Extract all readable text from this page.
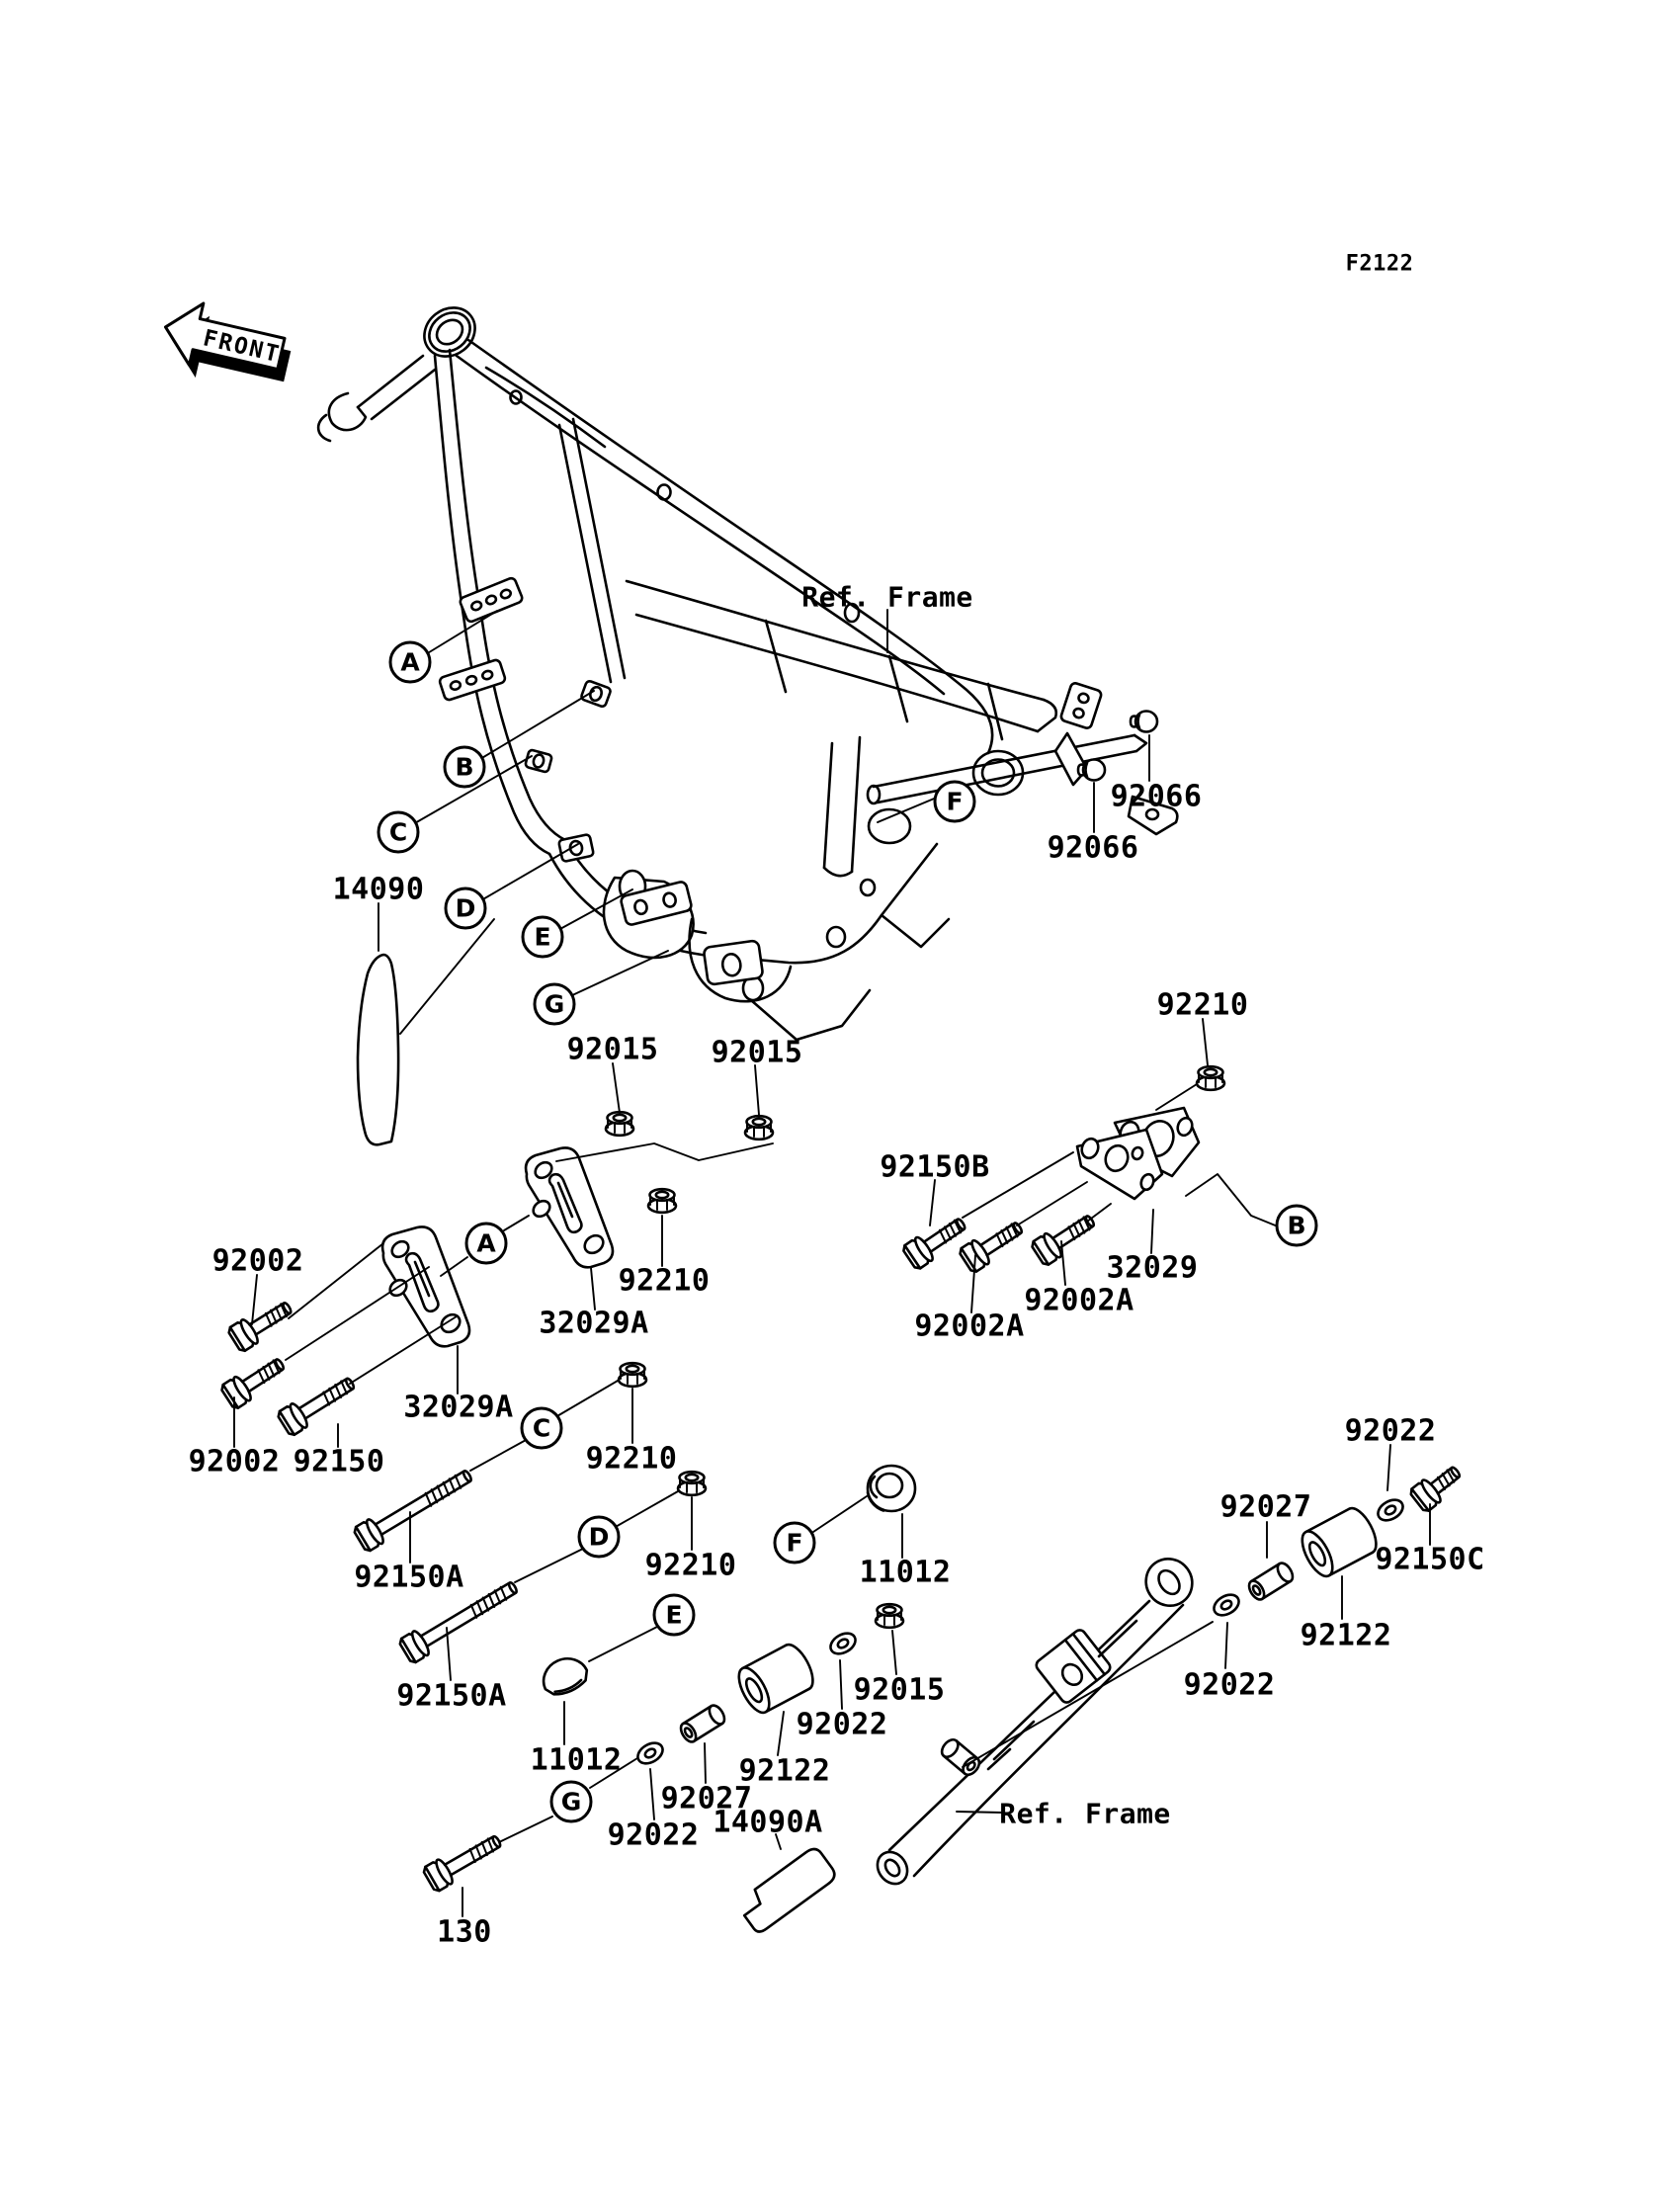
FRONT
F2122
Ref. Frame
Ref. Frame
92066
92066
14090
92015 92015
92210
32029A
92002
92002 92150
32029A
92150B
92210
32029
92002A
92002A
92210
92210
92150A
92150A
11012
92015
92022
92122
11012
92027
92022 14090A
130
92022
92027
92150C
92122
92022
A
B
C
D
E
F
G
A
B
C
D
E
F
G
